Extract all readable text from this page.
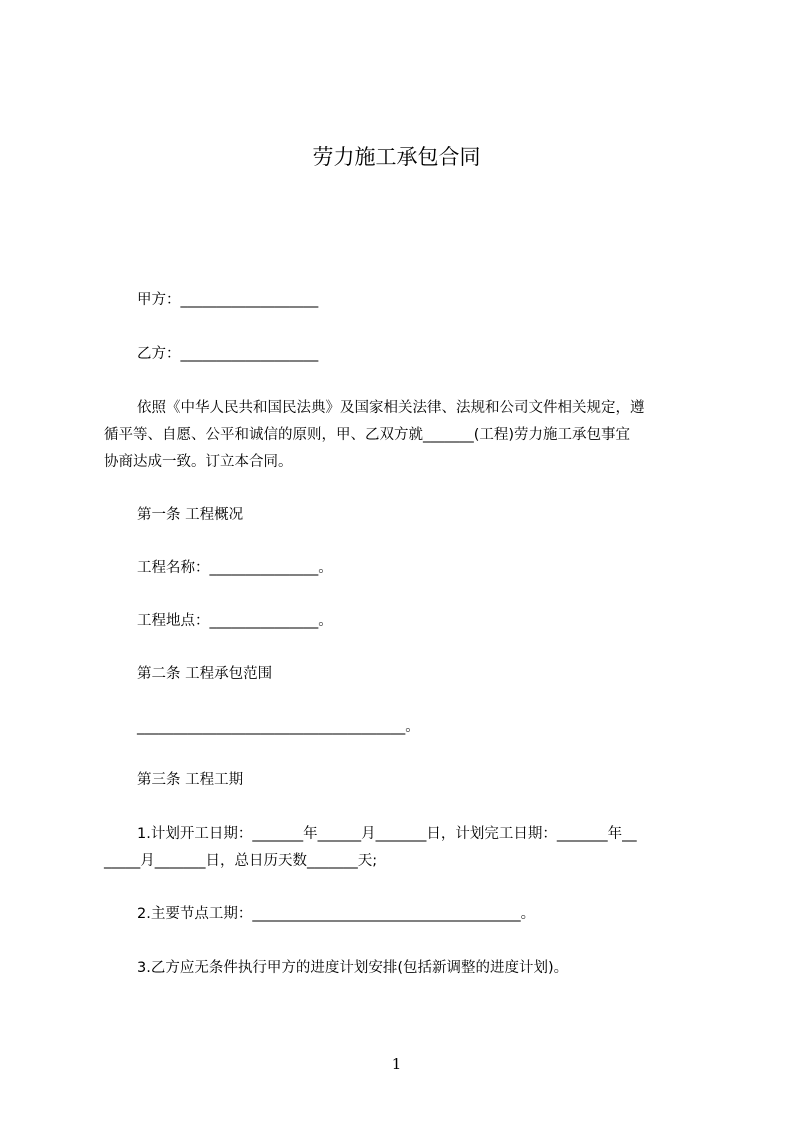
劳力施工承包合同
甲方：___________________
乙方：___________________
依照《中华人民共和国民法典》及国家相关法律、法规和公司文件相关规定，遵
循平等、自愿、公平和诚信的原则，甲、乙双方就_______(工程)劳力施工承包事宜
协商达成一致。订立本合同。
第一条 工程概况
工程名称：_______________。
工程地点：_______________。
第二条 工程承包范围
_____________________________________。
第三条 工程工期
1.计划开工日期：_______年______月_______日，计划完工日期：_______年__
_____月_______日，总日历天数_______天;
2.主要节点工期：_____________________________________。
3.乙方应无条件执行甲方的进度计划安排(包括新调整的进度计划)。
1
